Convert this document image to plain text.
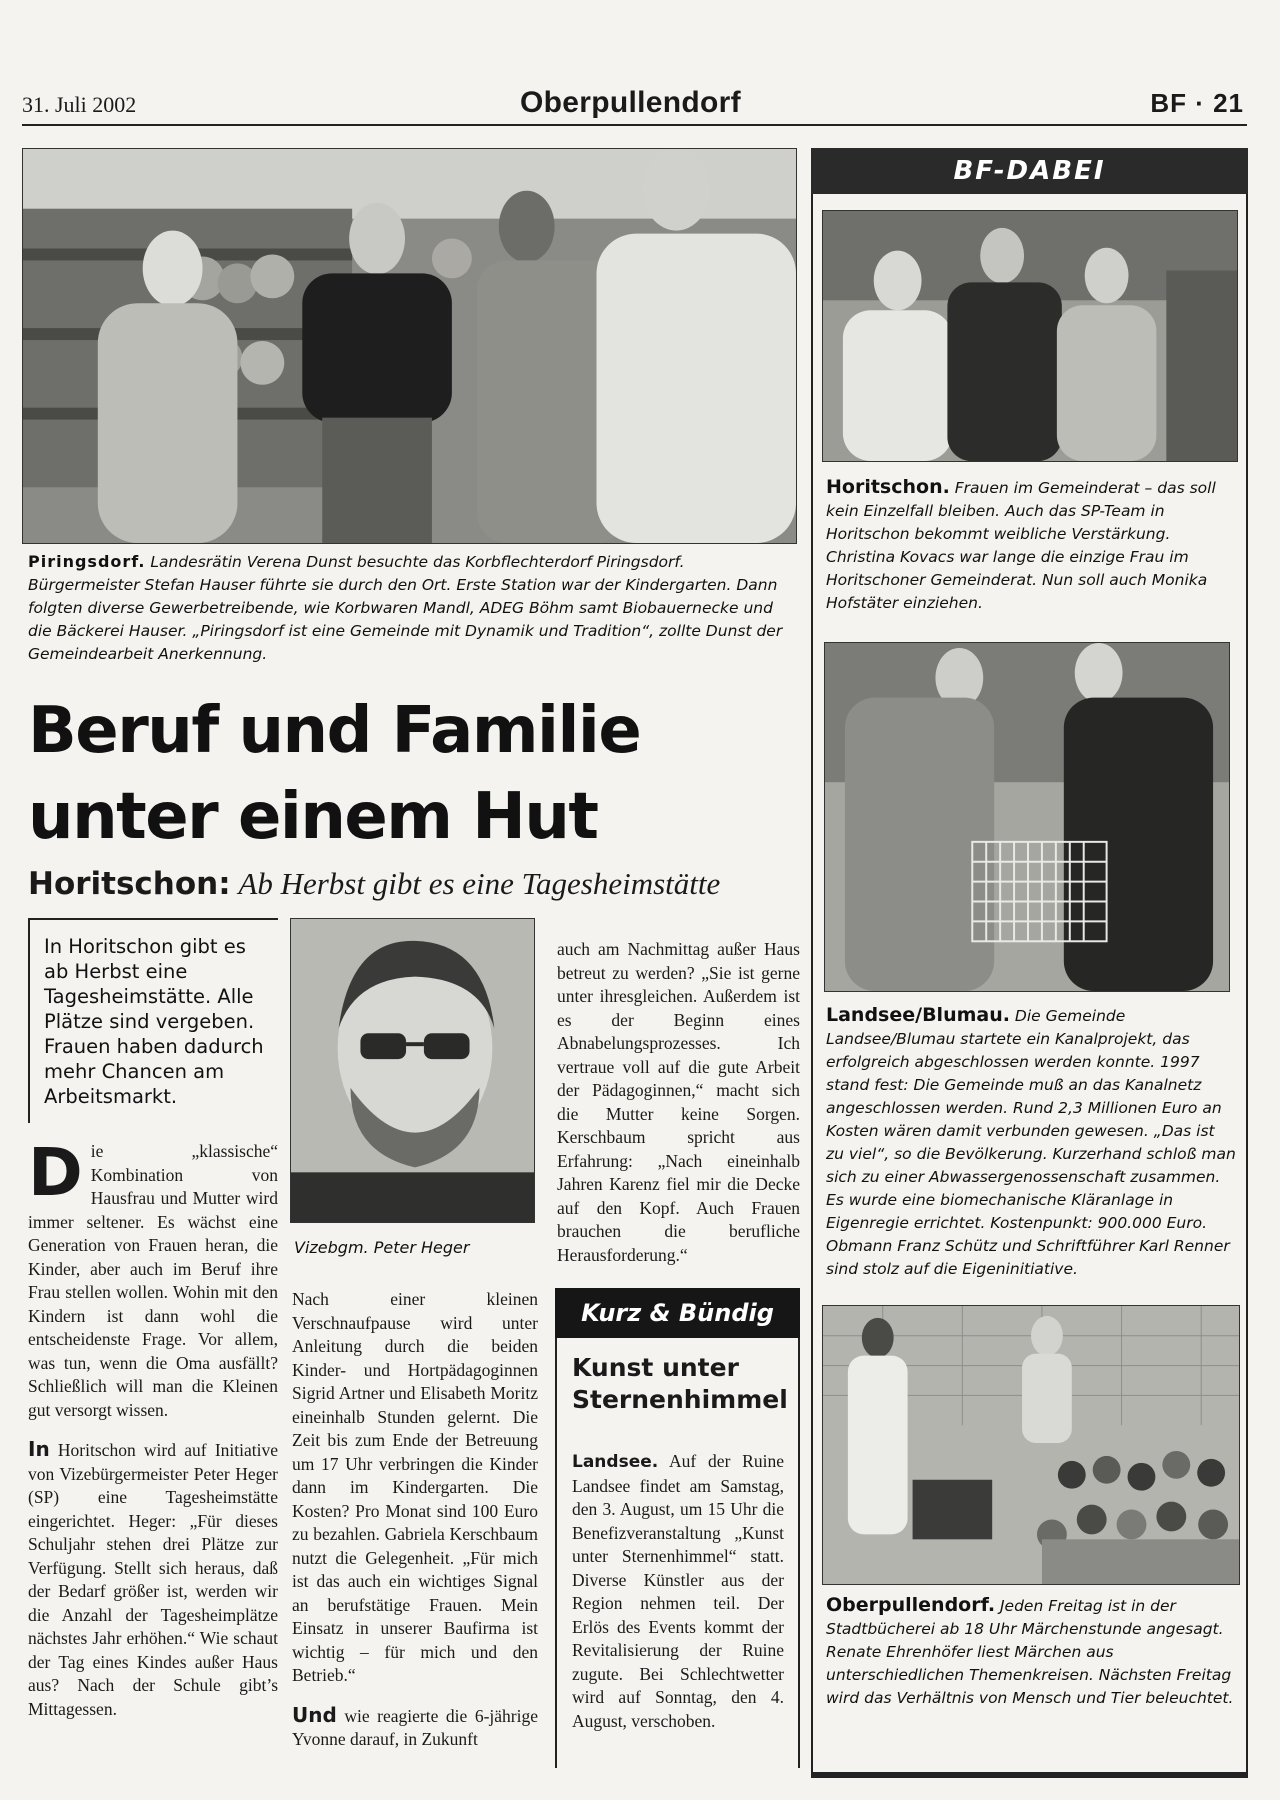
31. Juli 2002	Oberpullendorf	BF · 21
Piringsdorf. Landesrätin Verena Dunst besuchte das Korbflechterdorf Piringsdorf. Bürgermeister Stefan Hauser führte sie durch den Ort. Erste Station war der Kindergarten. Dann folgten diverse Gewerbetreibende, wie Korbwaren Mandl, ADEG Böhm samt Biobauernecke und die Bäckerei Hauser. „Piringsdorf ist eine Gemeinde mit Dynamik und Tradition“, zollte Dunst der Gemeindearbeit Anerkennung.
Beruf und Familie
unter einem Hut
Horitschon: Ab Herbst gibt es eine Tagesheimstätte
In Horitschon gibt es ab Herbst eine Tagesheimstätte. Alle Plätze sind vergeben. Frauen haben dadurch mehr Chancen am Arbeitsmarkt.
Vizebgm. Peter Heger

Die „klassische“ Kombination von Hausfrau und Mutter wird immer seltener. Es wächst eine Generation von Frauen heran, die Kinder, aber auch im Beruf ihre Frau stellen wollen. Wohin mit den Kindern ist dann wohl die entscheidenste Frage. Vor allem, was tun, wenn die Oma ausfällt? Schließlich will man die Kleinen gut versorgt wissen.

In Horitschon wird auf Initiative von Vizebürgermeister Peter Heger (SP) eine Tagesheimstätte eingerichtet. Heger: „Für dieses Schuljahr stehen drei Plätze zur Verfügung. Stellt sich heraus, daß der Bedarf größer ist, werden wir die Anzahl der Tagesheimplätze nächstes Jahr erhöhen.“ Wie schaut der Tag eines Kindes außer Haus aus? Nach der Schule gibt’s Mittagessen.

Nach einer kleinen Verschnaufpause wird unter Anleitung durch die beiden Kinder- und Hortpädagoginnen Sigrid Artner und Elisabeth Moritz eineinhalb Stunden gelernt. Die Zeit bis zum Ende der Betreuung um 17 Uhr verbringen die Kinder dann im Kindergarten. Die Kosten? Pro Monat sind 100 Euro zu bezahlen. Gabriela Kerschbaum nutzt die Gelegenheit. „Für mich ist das auch ein wichtiges Signal an berufstätige Frauen. Mein Einsatz in unserer Baufirma ist wichtig – für mich und den Betrieb.“

Und wie reagierte die 6-jährige Yvonne darauf, in Zukunft

auch am Nachmittag außer Haus betreut zu werden? „Sie ist gerne unter ihresgleichen. Außerdem ist es der Beginn eines Abnabelungsprozesses. Ich vertraue voll auf die gute Arbeit der Pädagoginnen,“ macht sich die Mutter keine Sorgen. Kerschbaum spricht aus Erfahrung: „Nach eineinhalb Jahren Karenz fiel mir die Decke auf den Kopf. Auch Frauen brauchen die berufliche Herausforderung.“

Kurz & Bündig
Kunst unter Sternenhimmel
Landsee. Auf der Ruine Landsee findet am Samstag, den 3. August, um 15 Uhr die Benefizveranstaltung „Kunst unter Sternenhimmel“ statt. Diverse Künstler aus der Region nehmen teil. Der Erlös des Events kommt der Revitalisierung der Ruine zugute. Bei Schlechtwetter wird auf Sonntag, den 4. August, verschoben.
BF-DABEI
Horitschon. Frauen im Gemeinderat – das soll kein Einzelfall bleiben. Auch das SP-Team in Horitschon bekommt weibliche Verstärkung. Christina Kovacs war lange die einzige Frau im Horitschoner Gemeinderat. Nun soll auch Monika Hofstäter einziehen.
Landsee/Blumau. Die Gemeinde Landsee/Blumau startete ein Kanalprojekt, das erfolgreich abgeschlossen werden konnte. 1997 stand fest: Die Gemeinde muß an das Kanalnetz angeschlossen werden. Rund 2,3 Millionen Euro an Kosten wären damit verbunden gewesen. „Das ist zu viel“, so die Bevölkerung. Kurzerhand schloß man sich zu einer Abwassergenossenschaft zusammen. Es wurde eine biomechanische Kläranlage in Eigenregie errichtet. Kostenpunkt: 900.000 Euro. Obmann Franz Schütz und Schriftführer Karl Renner sind stolz auf die Eigeninitiative.
Oberpullendorf. Jeden Freitag ist in der Stadtbücherei ab 18 Uhr Märchenstunde angesagt. Renate Ehrenhöfer liest Märchen aus unterschiedlichen Themenkreisen. Nächsten Freitag wird das Verhältnis von Mensch und Tier beleuchtet.
